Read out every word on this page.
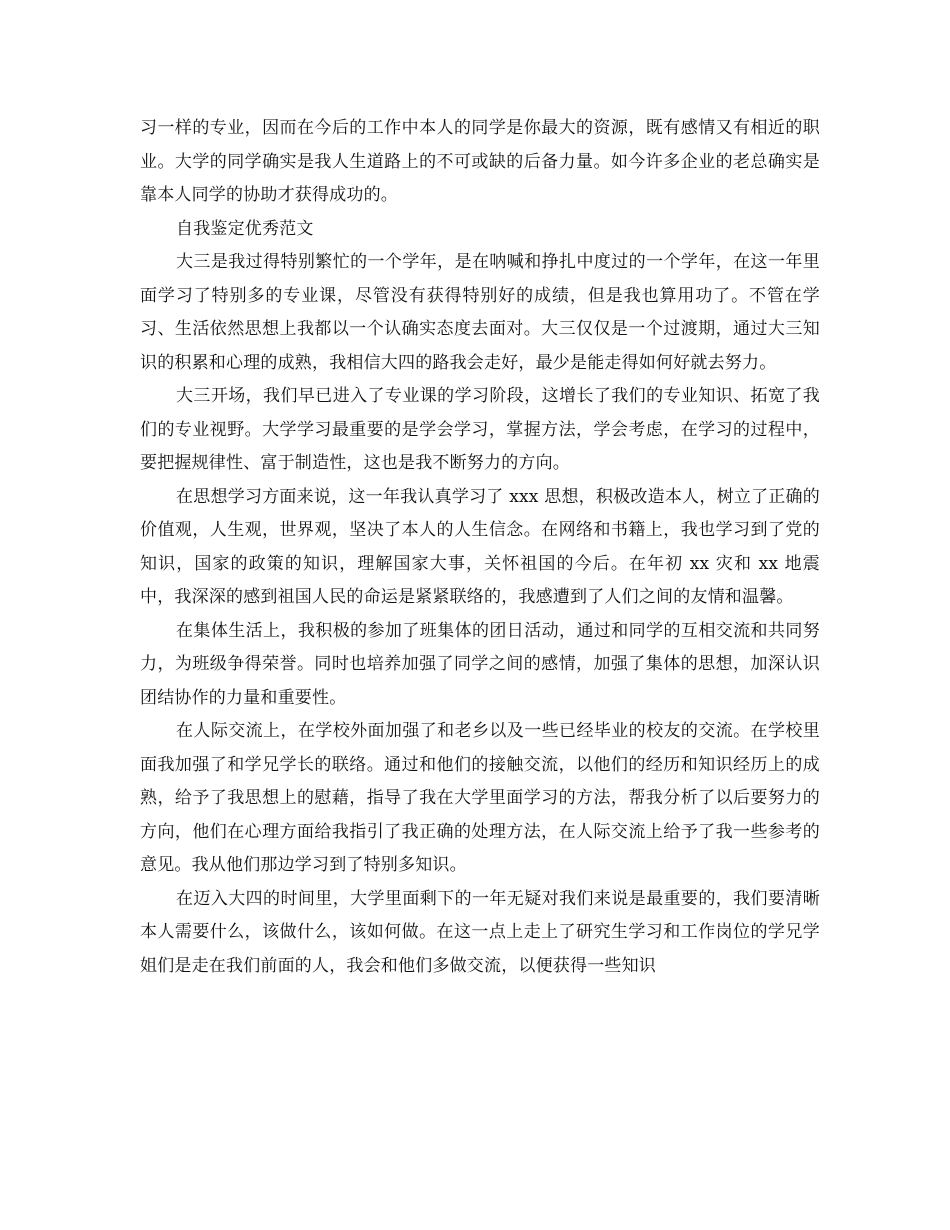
习一样的专业，因而在今后的工作中本人的同学是你最大的资源，既有感情又有相近的职业。大学的同学确实是我人生道路上的不可或缺的后备力量。如今许多企业的老总确实是靠本人同学的协助才获得成功的。

自我鉴定优秀范文

大三是我过得特别繁忙的一个学年，是在呐喊和挣扎中度过的一个学年，在这一年里面学习了特别多的专业课，尽管没有获得特别好的成绩，但是我也算用功了。不管在学习、生活依然思想上我都以一个认确实态度去面对。大三仅仅是一个过渡期，通过大三知识的积累和心理的成熟，我相信大四的路我会走好，最少是能走得如何好就去努力。

大三开场，我们早已进入了专业课的学习阶段，这增长了我们的专业知识、拓宽了我们的专业视野。大学学习最重要的是学会学习，掌握方法，学会考虑，在学习的过程中，要把握规律性、富于制造性，这也是我不断努力的方向。

在思想学习方面来说，这一年我认真学习了 xxx 思想，积极改造本人，树立了正确的价值观，人生观，世界观，坚决了本人的人生信念。在网络和书籍上，我也学习到了党的知识，国家的政策的知识，理解国家大事，关怀祖国的今后。在年初 xx 灾和 xx 地震中，我深深的感到祖国人民的命运是紧紧联络的，我感遭到了人们之间的友情和温馨。

在集体生活上，我积极的参加了班集体的团日活动，通过和同学的互相交流和共同努力，为班级争得荣誉。同时也培养加强了同学之间的感情，加强了集体的思想，加深认识团结协作的力量和重要性。

在人际交流上，在学校外面加强了和老乡以及一些已经毕业的校友的交流。在学校里面我加强了和学兄学长的联络。通过和他们的接触交流，以他们的经历和知识经历上的成熟，给予了我思想上的慰藉，指导了我在大学里面学习的方法，帮我分析了以后要努力的方向，他们在心理方面给我指引了我正确的处理方法，在人际交流上给予了我一些参考的意见。我从他们那边学习到了特别多知识。

在迈入大四的时间里，大学里面剩下的一年无疑对我们来说是最重要的，我们要清晰本人需要什么，该做什么，该如何做。在这一点上走上了研究生学习和工作岗位的学兄学姐们是走在我们前面的人，我会和他们多做交流，以便获得一些知识
